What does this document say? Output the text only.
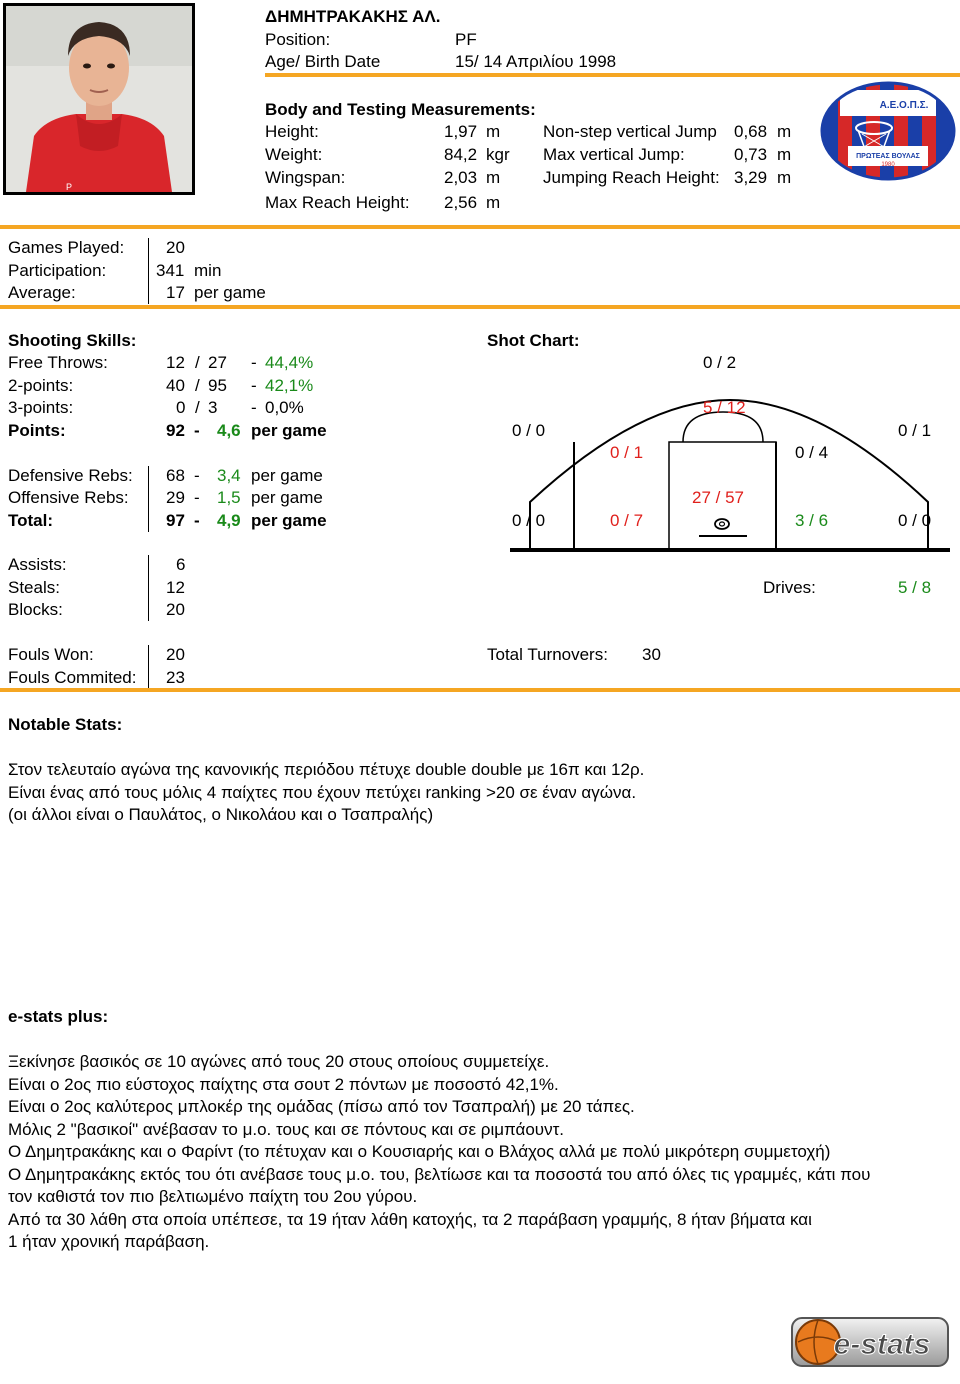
Ρ
ΔΗΜΗΤΡΑΚΑΚΗΣ ΑΛ.
Position:	PF
Age/ Birth Date	15/ 14 Απριλίου 1998
Body and Testing Measurements:
Height:	1,97 m
Weight:	84,2 kgr
Wingspan:	2,03 m
Max Reach Height: 2,56 m
Non-step vertical Jump 0,68 m
Max vertical Jump:	0,73 m
Jumping Reach Height: 3,29 m
Α.Ε.Ο.Π.Σ.
ΠΡΩΤΕΑΣ ΒΟΥΛΑΣ
1980
Games Played: 20
Participation:	341 min
Average:	17 per game
Shooting Skills:
Free Throws:	12 / 27 - 44,4%
2-points:	40 / 95 - 42,1%
3-points:	0 / 3 - 0,0%
Points:	92 - 4,6 per game
Defensive Rebs: 68 - 3,4 per game
Offensive Rebs: 29 - 1,5 per game
Total:	97 - 4,9 per game
Shot Chart:
0 / 2
5 / 12
0 / 0	0 / 1
0 / 1	0 / 4
27 / 57
0 / 0	0 / 7	3 / 6	0 / 0
Assists:	6
Steals:	12
Blocks:	20
Drives:	5 / 8
Fouls Won:	20
Fouls Commited: 23
Total Turnovers: 30
Notable Stats:
Στον τελευταίο αγώνα της κανονικής περιόδου πέτυχε double double με 16π και 12ρ.
Είναι ένας από τους μόλις 4 παίχτες που έχουν πετύχει ranking >20 σε έναν αγώνα.
(οι άλλοι είναι ο Παυλάτος, ο Νικολάου και ο Τσαπραλής)
e-stats plus:
Ξεκίνησε βασικός σε 10 αγώνες από τους 20 στους οποίους συμμετείχε.
Είναι ο 2ος πιο εύστοχος παίχτης στα σουτ 2 πόντων με ποσοστό 42,1%.
Είναι ο 2ος καλύτερος μπλοκέρ της ομάδας (πίσω από τον Τσαπραλή) με 20 τάπες.
Μόλις 2 "βασικοί" ανέβασαν το μ.ο. τους και σε πόντους και σε ριμπάουντ.
Ο Δημητρακάκης και ο Φαρίντ (το πέτυχαν και ο Κουσιαρής και ο Βλάχος αλλά με πολύ μικρότερη συμμετοχή)
Ο Δημητρακάκης εκτός του ότι ανέβασε τους μ.ο. του, βελτίωσε και τα ποσοστά του από όλες τις γραμμές, κάτι που
τον καθιστά τον πιο βελτιωμένο παίχτη του 2ου γύρου.
Από τα 30 λάθη στα οποία υπέπεσε, τα 19 ήταν λάθη κατοχής, τα 2 παράβαση γραμμής, 8 ήταν βήματα και
1 ήταν χρονική παράβαση.
e-stats
